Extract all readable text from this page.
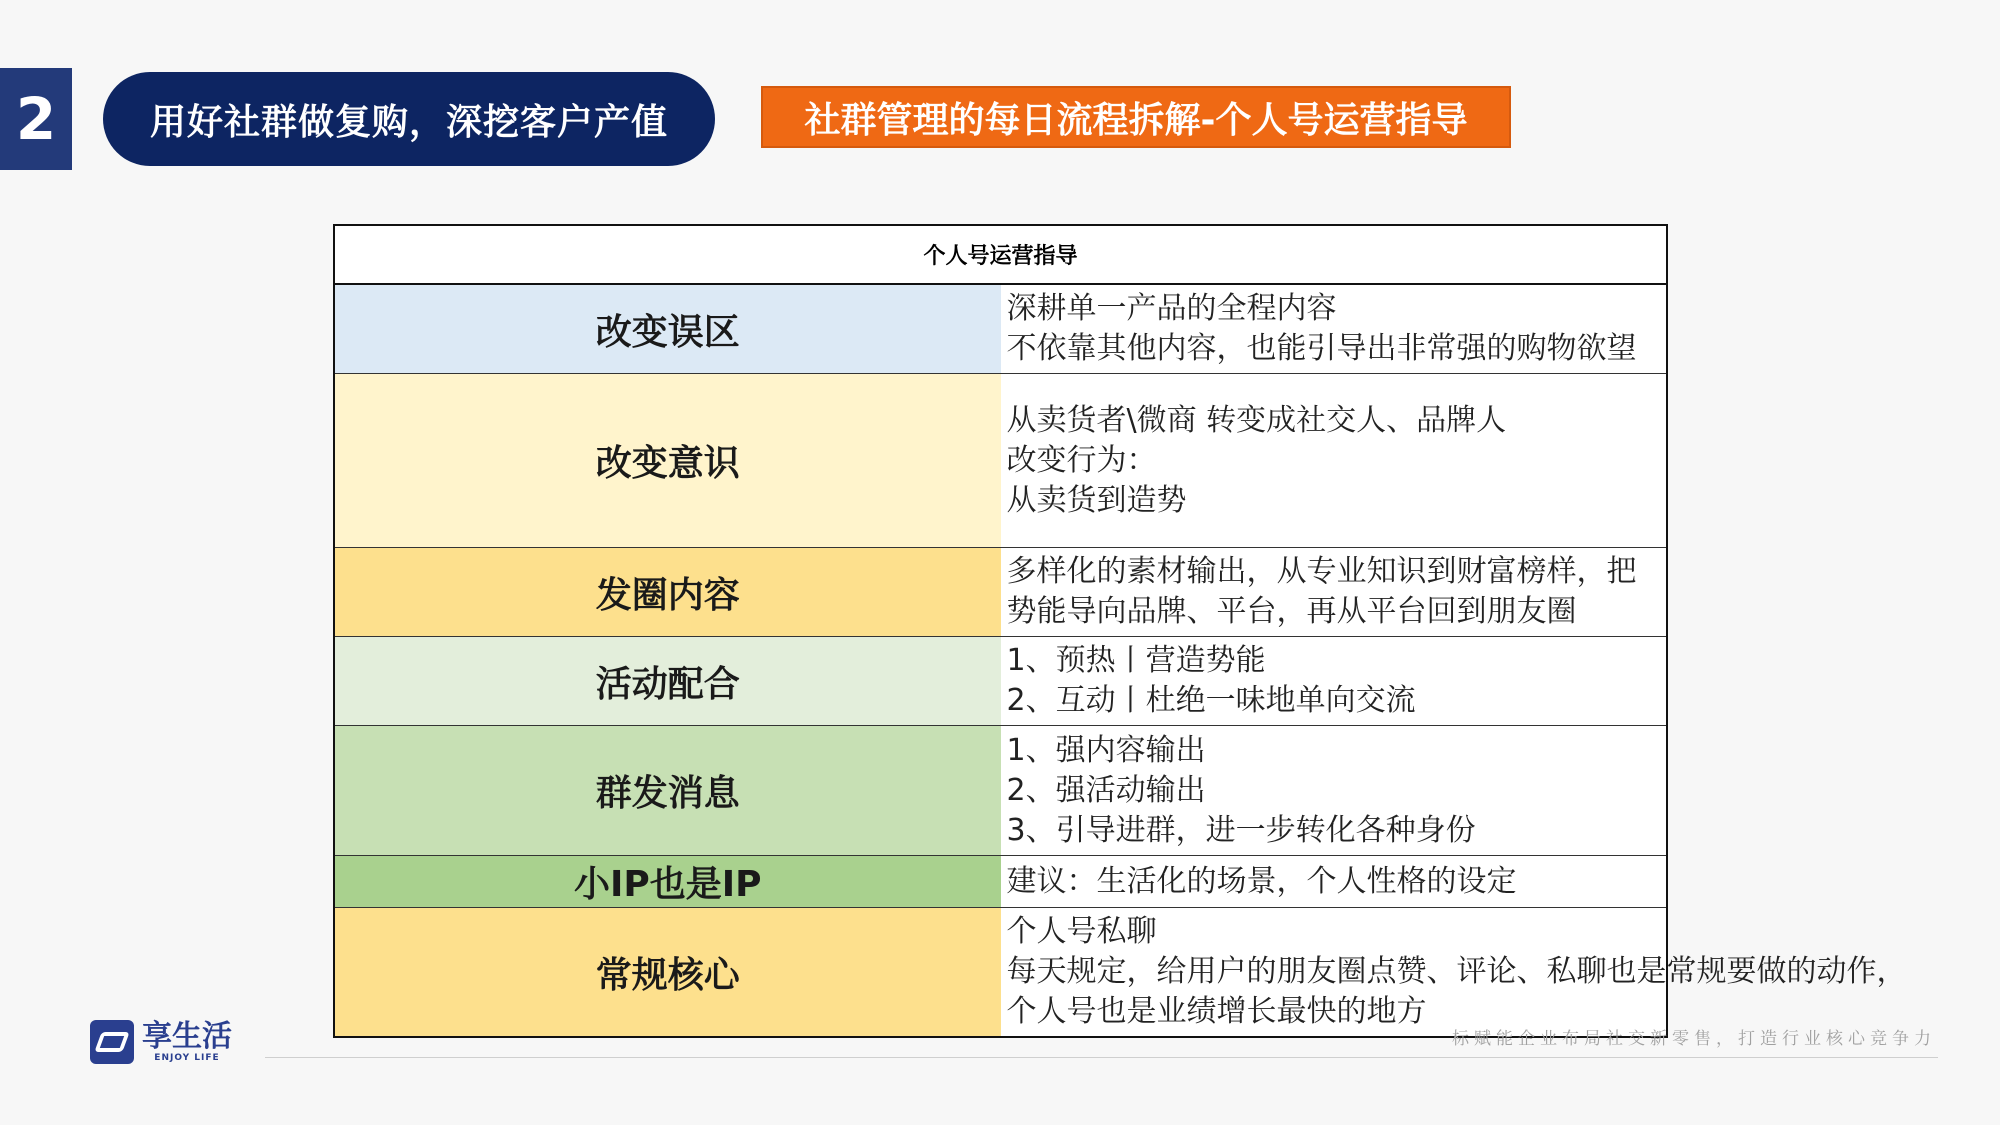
2	用好社群做复购，深挖客户产值	社群管理的每日流程拆解-个人号运营指导
个人号运营指导	
改变误区	深耕单一产品的全程内容
不依靠其他内容，也能引导出非常强的购物欲望

改变意识	从卖货者\微商 转变成社交人、品牌人
改变行为：
从卖货到造势

发圈内容	多样化的素材输出，从专业知识到财富榜样，把势能导向品牌、平台，再从平台回到朋友圈

活动配合	1、预热丨营造势能
2、互动丨杜绝一味地单向交流

群发消息	1、强内容输出
2、强活动输出
3、引导进群，进一步转化各种身份

小IP也是IP	建议：生活化的场景，个人性格的设定

常规核心	个人号私聊
每天规定，给用户的朋友圈点赞、评论、私聊也是常规要做的动作，
个人号也是业绩增长最快的地方
享生活
ENJOY LIFE
标赋能企业布局社交新零售，打造行业核心竞争力
